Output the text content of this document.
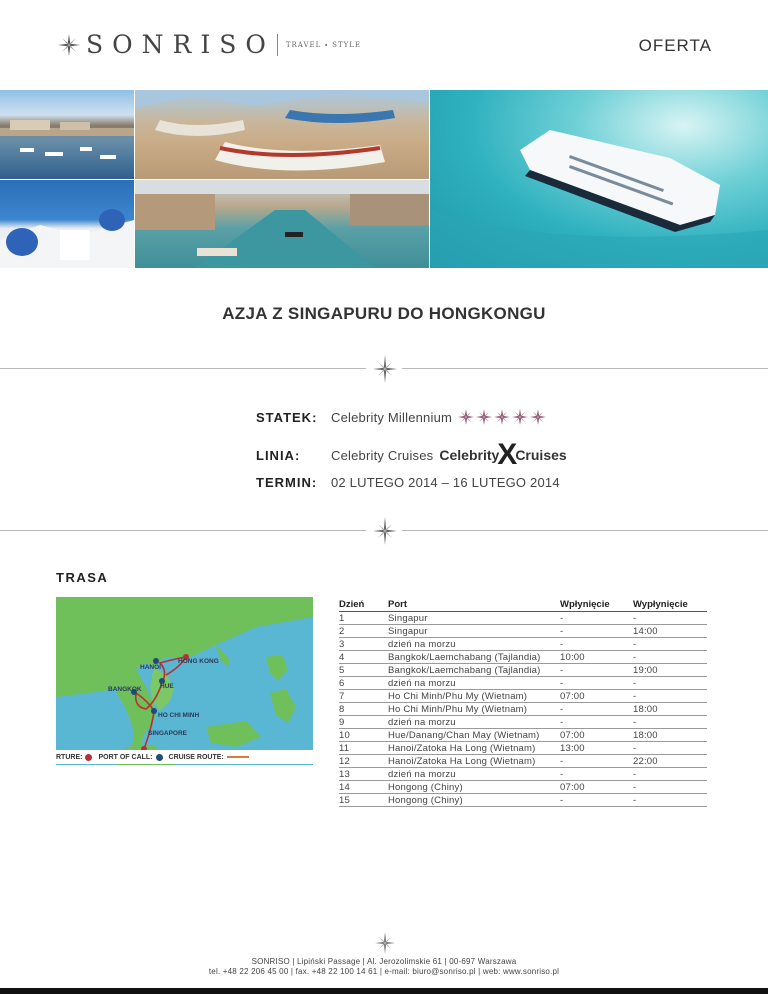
SONRISO TRAVEL ∙ STYLE	OFERTA
AZJA Z SINGAPURU DO HONGKONGU
STATEK:	Celebrity Millennium
LINIA:	Celebrity Cruises Celebrity
X
Cruises
TERMIN:	02 LUTEGO 2014 – 16 LUTEGO 2014
TRASA
HANOI
HONG KONG
HUE
BANGKOK
HO CHI MINH
SINGAPORE
RTURE: PORT OF CALL: CRUISE ROUTE:
Dzień	Port	Wpłynięcie	Wypłynięcie
1	Singapur	-	-
2	Singapur	-	14:00
3	dzień na morzu	-	-
4	Bangkok/Laemchabang (Tajlandia)	10:00	-
5	Bangkok/Laemchabang (Tajlandia)	-	19:00
6	dzień na morzu	-	-
7	Ho Chi Minh/Phu My (Wietnam)	07:00	-
8	Ho Chi Minh/Phu My (Wietnam)	-	18:00
9	dzień na morzu	-	-
10	Hue/Danang/Chan May (Wietnam)	07:00	18:00
11	Hanoi/Zatoka Ha Long (Wietnam)	13:00	-
12	Hanoi/Zatoka Ha Long (Wietnam)	-	22:00
13	dzień na morzu	-	-
14	Hongong (Chiny)	07:00	-
15	Hongong (Chiny)	-	-
SONRISO | Lipiński Passage | Al. Jerozolimskie 61 | 00-697 Warszawa
tel. +48 22 206 45 00 | fax. +48 22 100 14 61 | e-mail: biuro@sonriso.pl | web: www.sonriso.pl
